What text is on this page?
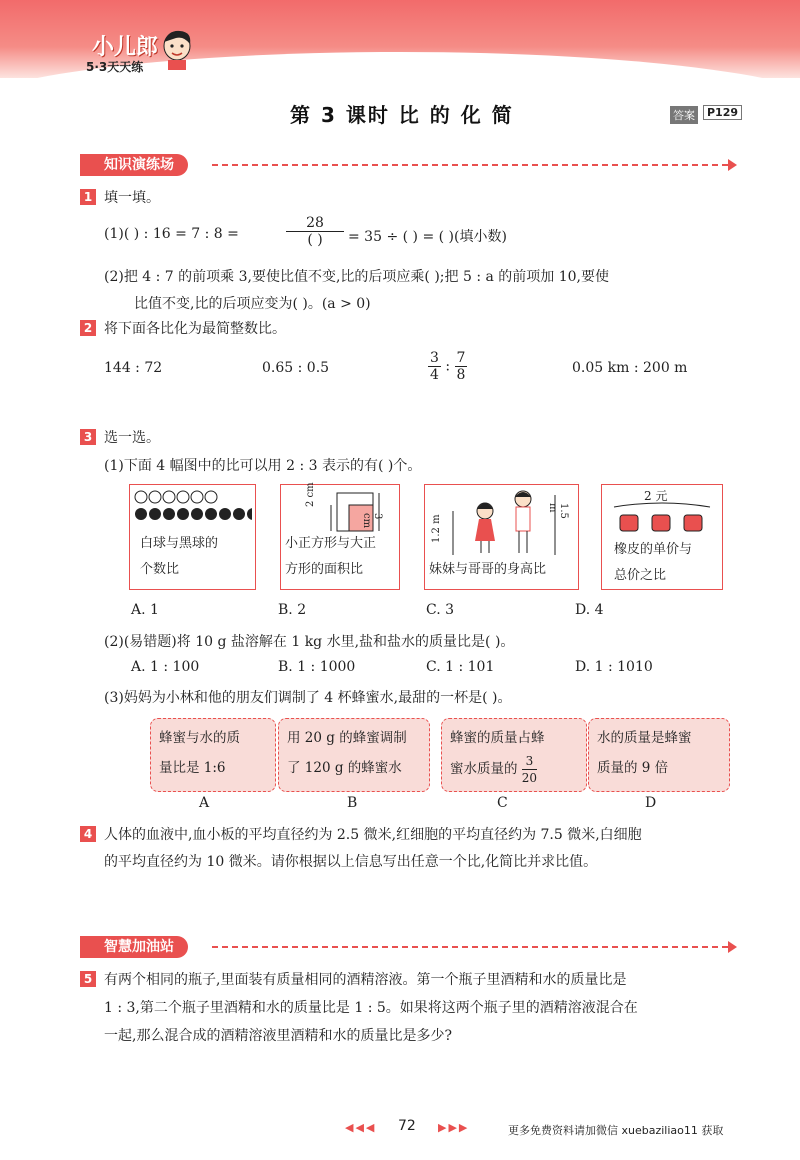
小儿郎
5·3天天练
第 3 课时 比 的 化 简	答案	P129
知识演练场
1 填一填。
(1)( ) : 16 = 7 : 8 =
28
( )	= 35 ÷ ( ) = ( )(填小数)
(2)把 4 : 7 的前项乘 3,要使比值不变,比的后项应乘( );把 5 : a 的前项加 10,要使
比值不变,比的后项应变为( )。(a > 0)
2 将下面各比化为最简整数比。
144 : 72	0.65 : 0.5	$\frac{3}{4}$ : $\frac{7}{8}$	0.05 km : 200 m
3 选一选。
(1)下面 4 幅图中的比可以用 2 : 3 表示的有( )个。
白球与黑球的
个数比
2 cm
3 cm
小正方形与大正
方形的面积比
1.2 m
1.5 m
妹妹与哥哥的身高比
2 元
橡皮的单价与
总价之比
A. 1	B. 2	C. 3	D. 4
(2)(易错题)将 10 g 盐溶解在 1 kg 水里,盐和盐水的质量比是( )。
A. 1 : 100	B. 1 : 1000	C. 1 : 101	D. 1 : 1010
(3)妈妈为小林和他的朋友们调制了 4 杯蜂蜜水,最甜的一杯是( )。
蜂蜜与水的质
量比是 1:6
用 20 g 的蜂蜜调制
了 120 g 的蜂蜜水
蜂蜜的质量占蜂
蜜水质量的 $\frac{3}{20}$
水的质量是蜂蜜
质量的 9 倍
A	B	C	D
4 人体的血液中,血小板的平均直径约为 2.5 微米,红细胞的平均直径约为 7.5 微米,白细胞
的平均直径约为 10 微米。请你根据以上信息写出任意一个比,化简比并求比值。
智慧加油站
5 有两个相同的瓶子,里面装有质量相同的酒精溶液。第一个瓶子里酒精和水的质量比是
1 : 3,第二个瓶子里酒精和水的质量比是 1 : 5。如果将这两个瓶子里的酒精溶液混合在
一起,那么混合成的酒精溶液里酒精和水的质量比是多少?
◀◀◀ 72 ▶▶▶	更多免费资料请加微信 xuebaziliao11 获取
